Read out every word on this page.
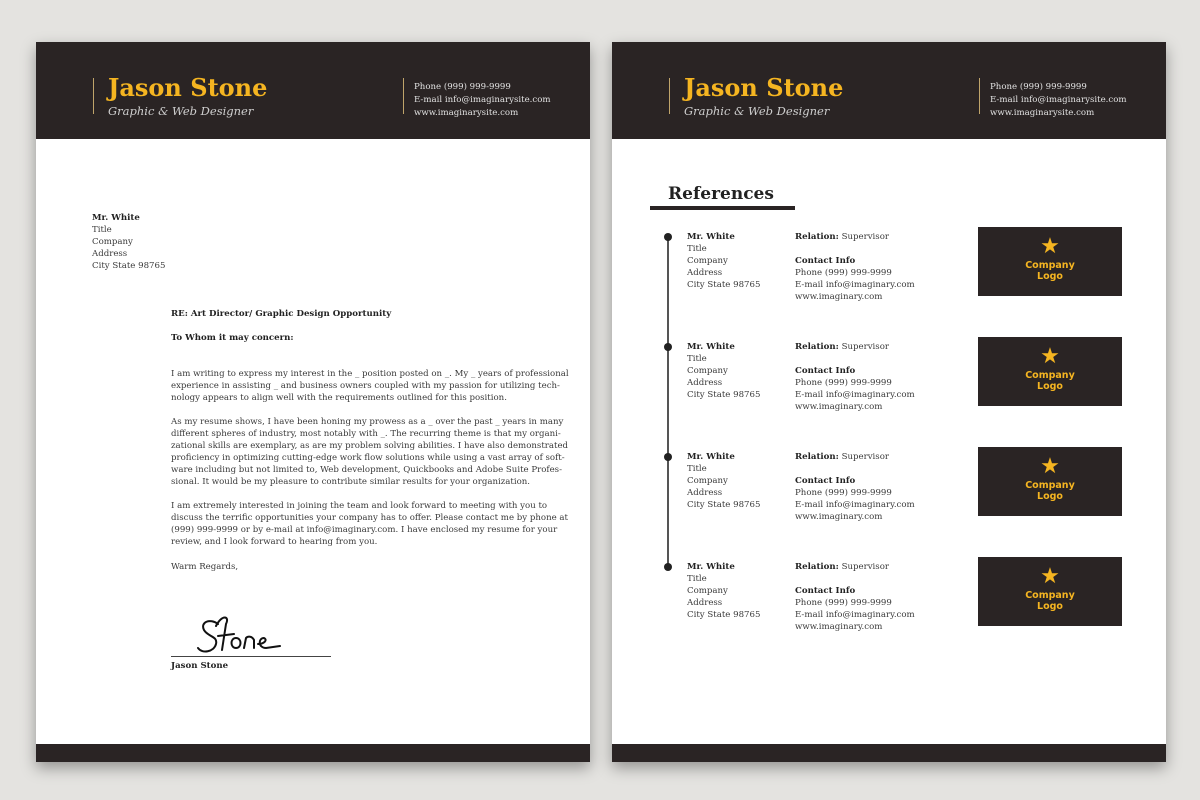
Jason Stone
Graphic & Web Designer
Phone (999) 999-9999
E-mail info@imaginarysite.com
www.imaginarysite.com
Mr. White
Title
Company
Address
City State 98765
RE: Art Director/ Graphic Design Opportunity
To Whom it may concern:
I am writing to express my interest in the _ position posted on _. My _ years of professional
experience in assisting _ and business owners coupled with my passion for utilizing tech-
nology appears to align well with the requirements outlined for this position.
As my resume shows, I have been honing my prowess as a _ over the past _ years in many
different spheres of industry, most notably with _. The recurring theme is that my organi-
zational skills are exemplary, as are my problem solving abilities. I have also demonstrated
proficiency in optimizing cutting-edge work flow solutions while using a vast array of soft-
ware including but not limited to, Web development, Quickbooks and Adobe Suite Profes-
sional. It would be my pleasure to contribute similar results for your organization.
I am extremely interested in joining the team and look forward to meeting with you to
discuss the terrific opportunities your company has to offer. Please contact me by phone at
(999) 999-9999 or by e-mail at info@imaginary.com. I have enclosed my resume for your
review, and I look forward to hearing from you.
Warm Regards,
Jason Stone
Jason Stone
Graphic & Web Designer
Phone (999) 999-9999
E-mail info@imaginarysite.com
www.imaginarysite.com
References
Mr. White
Title
Company
Address
City State 98765
Relation: Supervisor
Contact Info
Phone (999) 999-9999
E-mail info@imaginary.com
www.imaginary.com
★
Company
Logo
Mr. White
Title
Company
Address
City State 98765
Relation: Supervisor
Contact Info
Phone (999) 999-9999
E-mail info@imaginary.com
www.imaginary.com
★
Company
Logo
Mr. White
Title
Company
Address
City State 98765
Relation: Supervisor
Contact Info
Phone (999) 999-9999
E-mail info@imaginary.com
www.imaginary.com
★
Company
Logo
Mr. White
Title
Company
Address
City State 98765
Relation: Supervisor
Contact Info
Phone (999) 999-9999
E-mail info@imaginary.com
www.imaginary.com
★
Company
Logo
